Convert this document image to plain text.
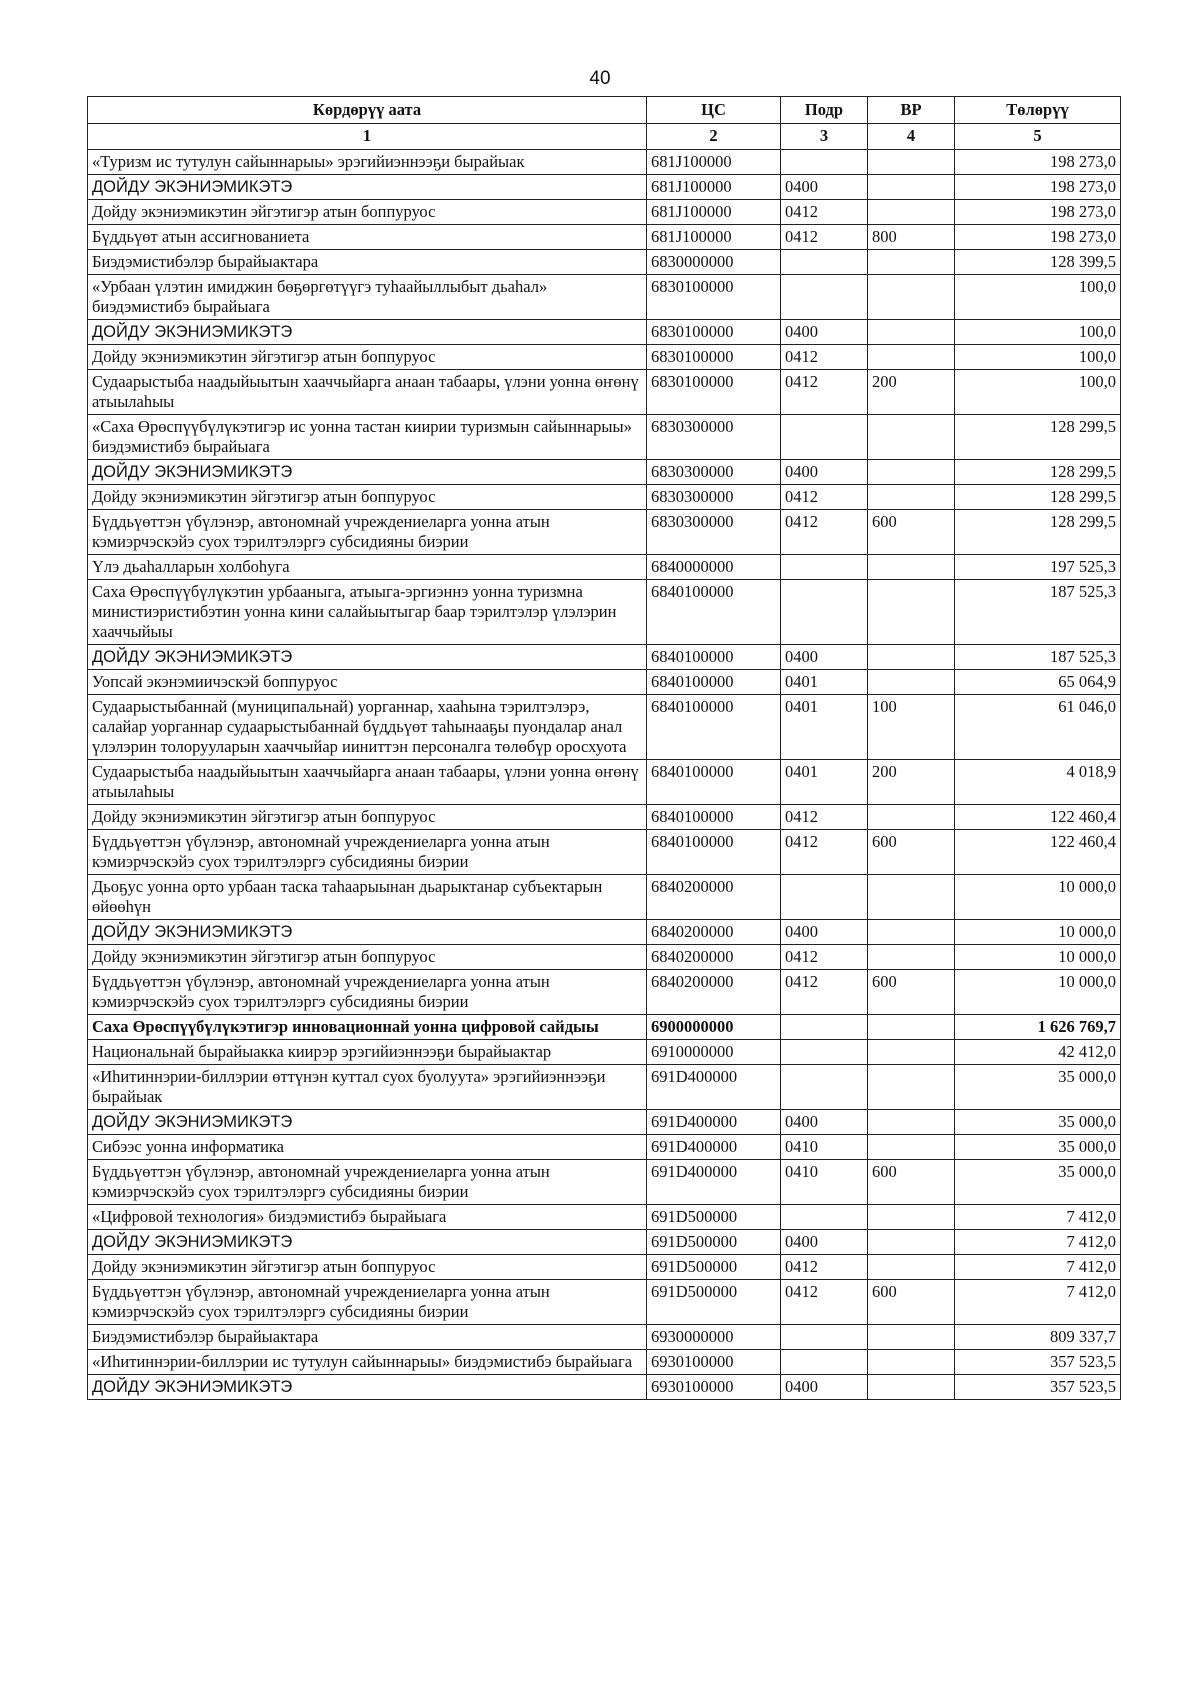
40
Көрдөрүү аата	ЦС	Подр	ВР	Төлөрүү
1	2	3	4	5
«Туризм ис тутулун сайыннарыы» эрэгийиэннээҕи бырайыак	681J100000			198 273,0
ДОЙДУ ЭКЭНИЭМИКЭТЭ	681J100000	0400		198 273,0
Дойду экэниэмикэтин эйгэтигэр атын боппуруос	681J100000	0412		198 273,0
Бүддьүөт атын ассигнованиета	681J100000	0412	800	198 273,0
Биэдэмистибэлэр бырайыактара	6830000000			128 399,5
«Урбаан үлэтин имиджин бөҕөргөтүүгэ туһаайыллыбыт дьаһал» биэдэмистибэ бырайыага	6830100000			100,0
ДОЙДУ ЭКЭНИЭМИКЭТЭ	6830100000	0400		100,0
Дойду экэниэмикэтин эйгэтигэр атын боппуруос	6830100000	0412		100,0
Судаарыстыба наадыйыытын хааччыйарга анаан табаары, үлэни уонна өҥөнү атыылаһыы	6830100000	0412	200	100,0
«Саха Өрөспүүбүлүкэтигэр ис уонна тастан киирии туризмын сайыннарыы» биэдэмистибэ бырайыага	6830300000			128 299,5
ДОЙДУ ЭКЭНИЭМИКЭТЭ	6830300000	0400		128 299,5
Дойду экэниэмикэтин эйгэтигэр атын боппуруос	6830300000	0412		128 299,5
Бүддьүөттэн үбүлэнэр, автономнай учреждениеларга уонна атын кэмиэрчэскэйэ суох тэрилтэлэргэ субсидияны биэрии	6830300000	0412	600	128 299,5
Үлэ дьаһалларын холбоһуга	6840000000			197 525,3
Саха Өрөспүүбүлүкэтин урбааныга, атыыга-эргиэннэ уонна туризмна министиэристибэтин уонна кини салайыытыгар баар тэрилтэлэр үлэлэрин хааччыйыы	6840100000			187 525,3
ДОЙДУ ЭКЭНИЭМИКЭТЭ	6840100000	0400		187 525,3
Уопсай экэнэмиичэскэй боппуруос	6840100000	0401		65 064,9
Судаарыстыбаннай (муниципальнай) уорганнар, хааһына тэрилтэлэрэ, салайар уорганнар судаарыстыбаннай бүддьүөт таһынааҕы пуондалар анал үлэлэрин толорууларын хааччыйар ииниттэн персоналга төлөбүр оросхуота	6840100000	0401	100	61 046,0
Судаарыстыба наадыйыытын хааччыйарга анаан табаары, үлэни уонна өҥөнү атыылаһыы	6840100000	0401	200	4 018,9
Дойду экэниэмикэтин эйгэтигэр атын боппуруос	6840100000	0412		122 460,4
Бүддьүөттэн үбүлэнэр, автономнай учреждениеларга уонна атын кэмиэрчэскэйэ суох тэрилтэлэргэ субсидияны биэрии	6840100000	0412	600	122 460,4
Дьоҕус уонна орто урбаан таска таһаарыынан дьарыктанар субъектарын өйөөһүн	6840200000			10 000,0
ДОЙДУ ЭКЭНИЭМИКЭТЭ	6840200000	0400		10 000,0
Дойду экэниэмикэтин эйгэтигэр атын боппуруос	6840200000	0412		10 000,0
Бүддьүөттэн үбүлэнэр, автономнай учреждениеларга уонна атын кэмиэрчэскэйэ суох тэрилтэлэргэ субсидияны биэрии	6840200000	0412	600	10 000,0
Саха Өрөспүүбүлүкэтигэр инновационнай уонна цифровой сайдыы	6900000000			1 626 769,7
Национальнай бырайыакка киирэр эрэгийиэннээҕи бырайыактар	6910000000			42 412,0
«Иһитиннэрии-биллэрии өттүнэн куттал суох буолуута» эрэгийиэннээҕи бырайыак	691D400000			35 000,0
ДОЙДУ ЭКЭНИЭМИКЭТЭ	691D400000	0400		35 000,0
Сибээс уонна информатика	691D400000	0410		35 000,0
Бүддьүөттэн үбүлэнэр, автономнай учреждениеларга уонна атын кэмиэрчэскэйэ суох тэрилтэлэргэ субсидияны биэрии	691D400000	0410	600	35 000,0
«Цифровой технология» биэдэмистибэ бырайыага	691D500000			7 412,0
ДОЙДУ ЭКЭНИЭМИКЭТЭ	691D500000	0400		7 412,0
Дойду экэниэмикэтин эйгэтигэр атын боппуруос	691D500000	0412		7 412,0
Бүддьүөттэн үбүлэнэр, автономнай учреждениеларга уонна атын кэмиэрчэскэйэ суох тэрилтэлэргэ субсидияны биэрии	691D500000	0412	600	7 412,0
Биэдэмистибэлэр бырайыактара	6930000000			809 337,7
«Иһитиннэрии-биллэрии ис тутулун сайыннарыы» биэдэмистибэ бырайыага	6930100000			357 523,5
ДОЙДУ ЭКЭНИЭМИКЭТЭ	6930100000	0400		357 523,5
